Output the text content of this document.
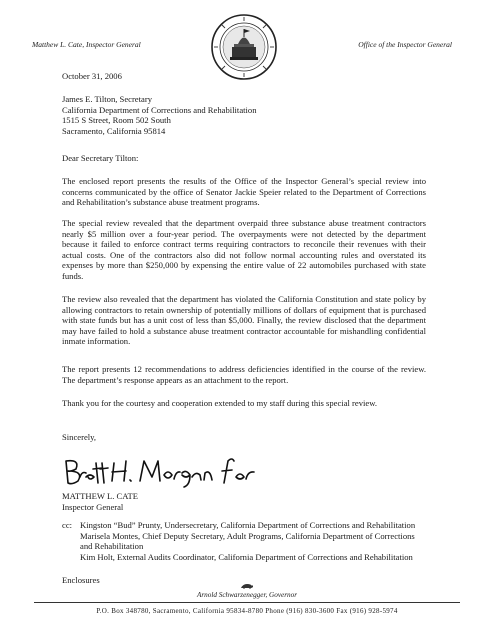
Matthew L. Cate, Inspector General	Office of the Inspector General
October 31, 2006
James E. Tilton, Secretary
California Department of Corrections and Rehabilitation
1515 S Street, Room 502 South
Sacramento, California 95814
Dear Secretary Tilton:
The enclosed report presents the results of the Office of the Inspector General’s special review into concerns communicated by the office of Senator Jackie Speier related to the Department of Corrections and Rehabilitation’s substance abuse treatment programs.
The special review revealed that the department overpaid three substance abuse treatment contractors nearly $5 million over a four-year period. The overpayments were not detected by the department because it failed to enforce contract terms requiring contractors to reconcile their revenues with their actual costs. One of the contractors also did not follow normal accounting rules and overstated its expenses by more than $250,000 by expensing the entire value of 22 automobiles purchased with state funds.
The review also revealed that the department has violated the California Constitution and state policy by allowing contractors to retain ownership of potentially millions of dollars of equipment that is purchased with state funds but has a unit cost of less than $5,000. Finally, the review disclosed that the department may have failed to hold a substance abuse treatment contractor accountable for mishandling confidential inmate information.
The report presents 12 recommendations to address deficiencies identified in the course of the review. The department’s response appears as an attachment to the report.
Thank you for the courtesy and cooperation extended to my staff during this special review.
Sincerely,
MATTHEW L. CATE
Inspector General
cc: Kingston “Bud” Prunty, Undersecretary, California Department of Corrections and Rehabilitation
Marisela Montes, Chief Deputy Secretary, Adult Programs, California Department of Corrections and Rehabilitation
Kim Holt, External Audits Coordinator, California Department of Corrections and Rehabilitation
Enclosures
Arnold Schwarzenegger, Governor
P.O. Box 348780, Sacramento, California 95834-8780 Phone (916) 830-3600 Fax (916) 928-5974
